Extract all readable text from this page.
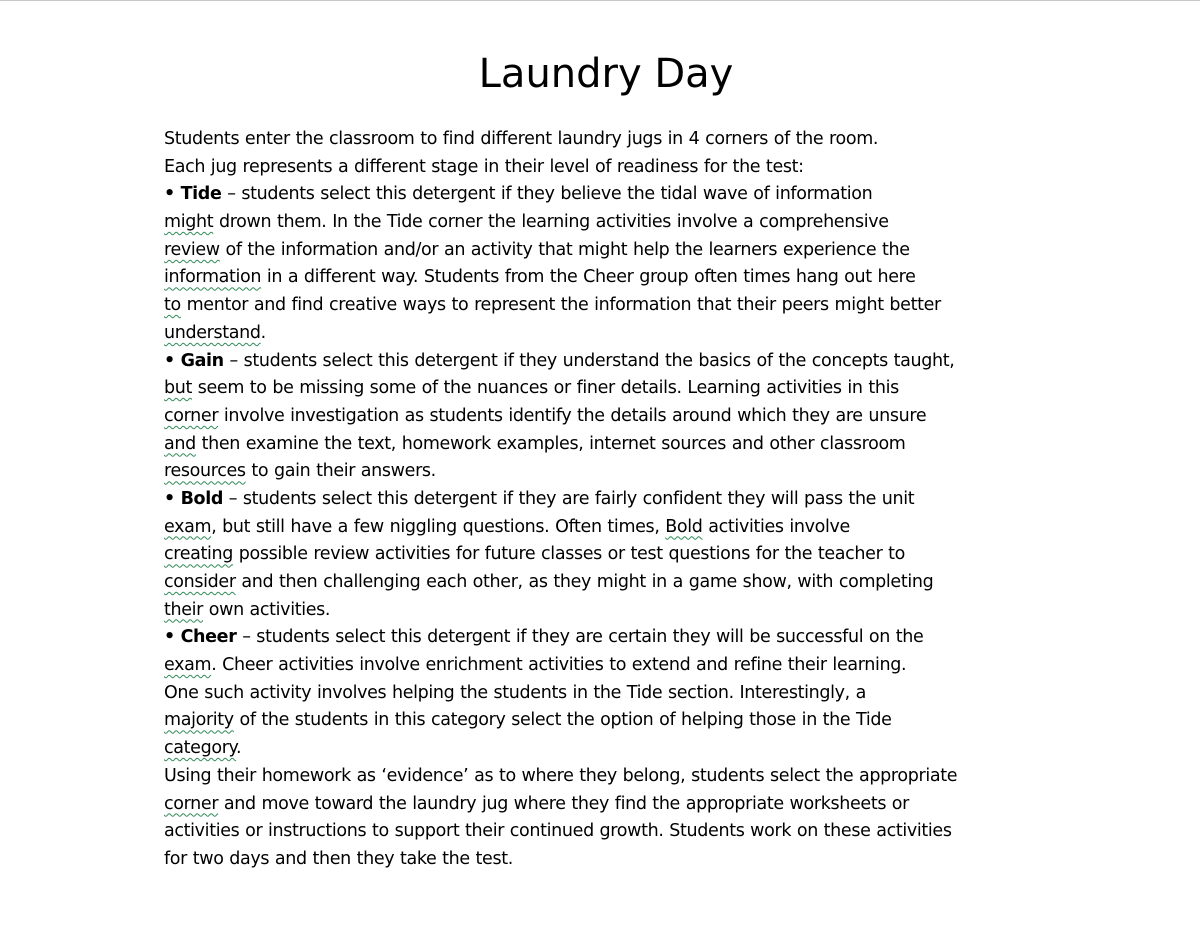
Laundry Day
Students enter the classroom to find different laundry jugs in 4 corners of the room.
Each jug represents a different stage in their level of readiness for the test:
• Tide – students select this detergent if they believe the tidal wave of information
might drown them. In the Tide corner the learning activities involve a comprehensive
review of the information and/or an activity that might help the learners experience the
information in a different way. Students from the Cheer group often times hang out here
to mentor and find creative ways to represent the information that their peers might better
understand.
• Gain – students select this detergent if they understand the basics of the concepts taught,
but seem to be missing some of the nuances or finer details. Learning activities in this
corner involve investigation as students identify the details around which they are unsure
and then examine the text, homework examples, internet sources and other classroom
resources to gain their answers.
• Bold – students select this detergent if they are fairly confident they will pass the unit
exam, but still have a few niggling questions. Often times, Bold activities involve
creating possible review activities for future classes or test questions for the teacher to
consider and then challenging each other, as they might in a game show, with completing
their own activities.
• Cheer – students select this detergent if they are certain they will be successful on the
exam. Cheer activities involve enrichment activities to extend and refine their learning.
One such activity involves helping the students in the Tide section. Interestingly, a
majority of the students in this category select the option of helping those in the Tide
category.
Using their homework as ‘evidence’ as to where they belong, students select the appropriate
corner and move toward the laundry jug where they find the appropriate worksheets or
activities or instructions to support their continued growth. Students work on these activities
for two days and then they take the test.
